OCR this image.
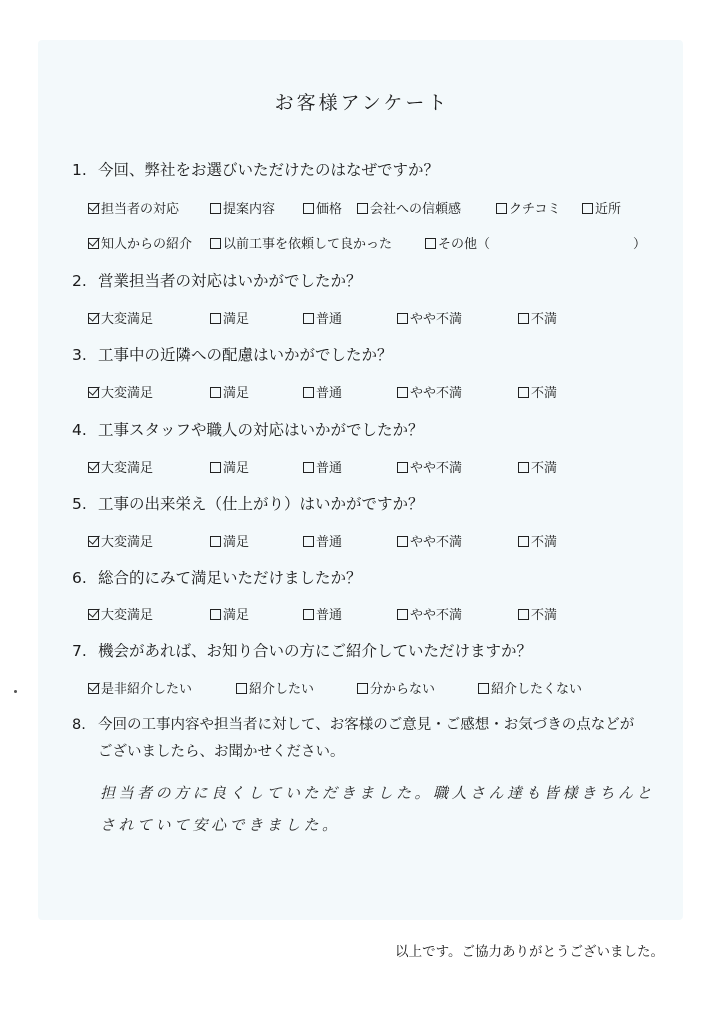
お客様アンケート
1. 今回、弊社をお選びいただけたのはなぜですか？
担当者の対応	提案内容	価格	会社への信頼感	クチコミ	近所
知人からの紹介	以前工事を依頼して良かった	その他（	）
2. 営業担当者の対応はいかがでしたか？
大変満足	満足	普通	やや不満	不満
3. 工事中の近隣への配慮はいかがでしたか？
大変満足	満足	普通	やや不満	不満
4. 工事スタッフや職人の対応はいかがでしたか？
大変満足	満足	普通	やや不満	不満
5. 工事の出来栄え（仕上がり）はいかがですか？
大変満足	満足	普通	やや不満	不満
6. 総合的にみて満足いただけましたか？
大変満足	満足	普通	やや不満	不満
7. 機会があれば、お知り合いの方にご紹介していただけますか？
是非紹介したい	紹介したい	分からない	紹介したくない
8. 今回の工事内容や担当者に対して、お客様のご意見・ご感想・お気づきの点などが
ございましたら、お聞かせください。
担当者の方に良くしていただきました。職人さん達も皆様きちんと
されていて安心できました。
以上です。ご協力ありがとうございました。
